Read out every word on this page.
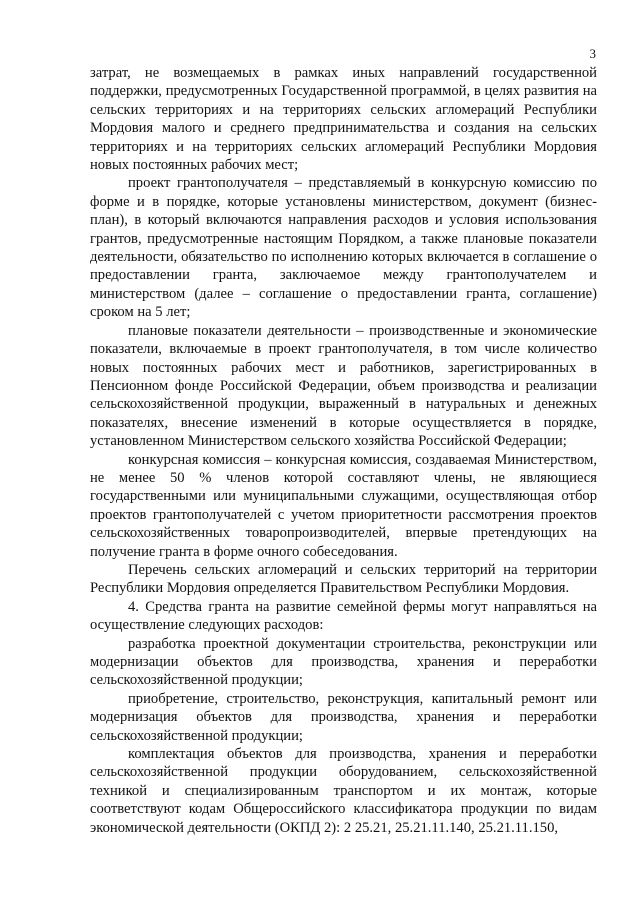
3

затрат, не возмещаемых в рамках иных направлений государственной поддержки, предусмотренных Государственной программой, в целях развития на сельских территориях и на территориях сельских агломераций Республики Мордовия малого и среднего предпринимательства и создания на сельских территориях и на территориях сельских агломераций Республики Мордовия новых постоянных рабочих мест;

проект грантополучателя – представляемый в конкурсную комиссию по форме и в порядке, которые установлены министерством, документ (бизнес-план), в который включаются направления расходов и условия использования грантов, предусмотренные настоящим Порядком, а также плановые показатели деятельности, обязательство по исполнению которых включается в соглашение о предоставлении гранта, заключаемое между грантополучателем и министерством (далее – соглашение о предоставлении гранта, соглашение) сроком на 5 лет;

плановые показатели деятельности – производственные и экономические показатели, включаемые в проект грантополучателя, в том числе количество новых постоянных рабочих мест и работников, зарегистрированных в Пенсионном фонде Российской Федерации, объем производства и реализации сельскохозяйственной продукции, выраженный в натуральных и денежных показателях, внесение изменений в которые осуществляется в порядке, установленном Министерством сельского хозяйства Российской Федерации;

конкурсная комиссия – конкурсная комиссия, создаваемая Министерством, не менее 50 % членов которой составляют члены, не являющиеся государственными или муниципальными служащими, осуществляющая отбор проектов грантополучателей с учетом приоритетности рассмотрения проектов сельскохозяйственных товаропроизводителей, впервые претендующих на получение гранта в форме очного собеседования.

Перечень сельских агломераций и сельских территорий на территории Республики Мордовия определяется Правительством Республики Мордовия.

4. Средства гранта на развитие семейной фермы могут направляться на осуществление следующих расходов:

разработка проектной документации строительства, реконструкции или модернизации объектов для производства, хранения и переработки сельскохозяйственной продукции;

приобретение, строительство, реконструкция, капитальный ремонт или модернизация объектов для производства, хранения и переработки сельскохозяйственной продукции;

комплектация объектов для производства, хранения и переработки сельскохозяйственной продукции оборудованием, сельскохозяйственной техникой и специализированным транспортом и их монтаж, которые соответствуют кодам Общероссийского классификатора продукции по видам экономической деятельности (ОКПД 2): 2 25.21, 25.21.11.140, 25.21.11.150,
